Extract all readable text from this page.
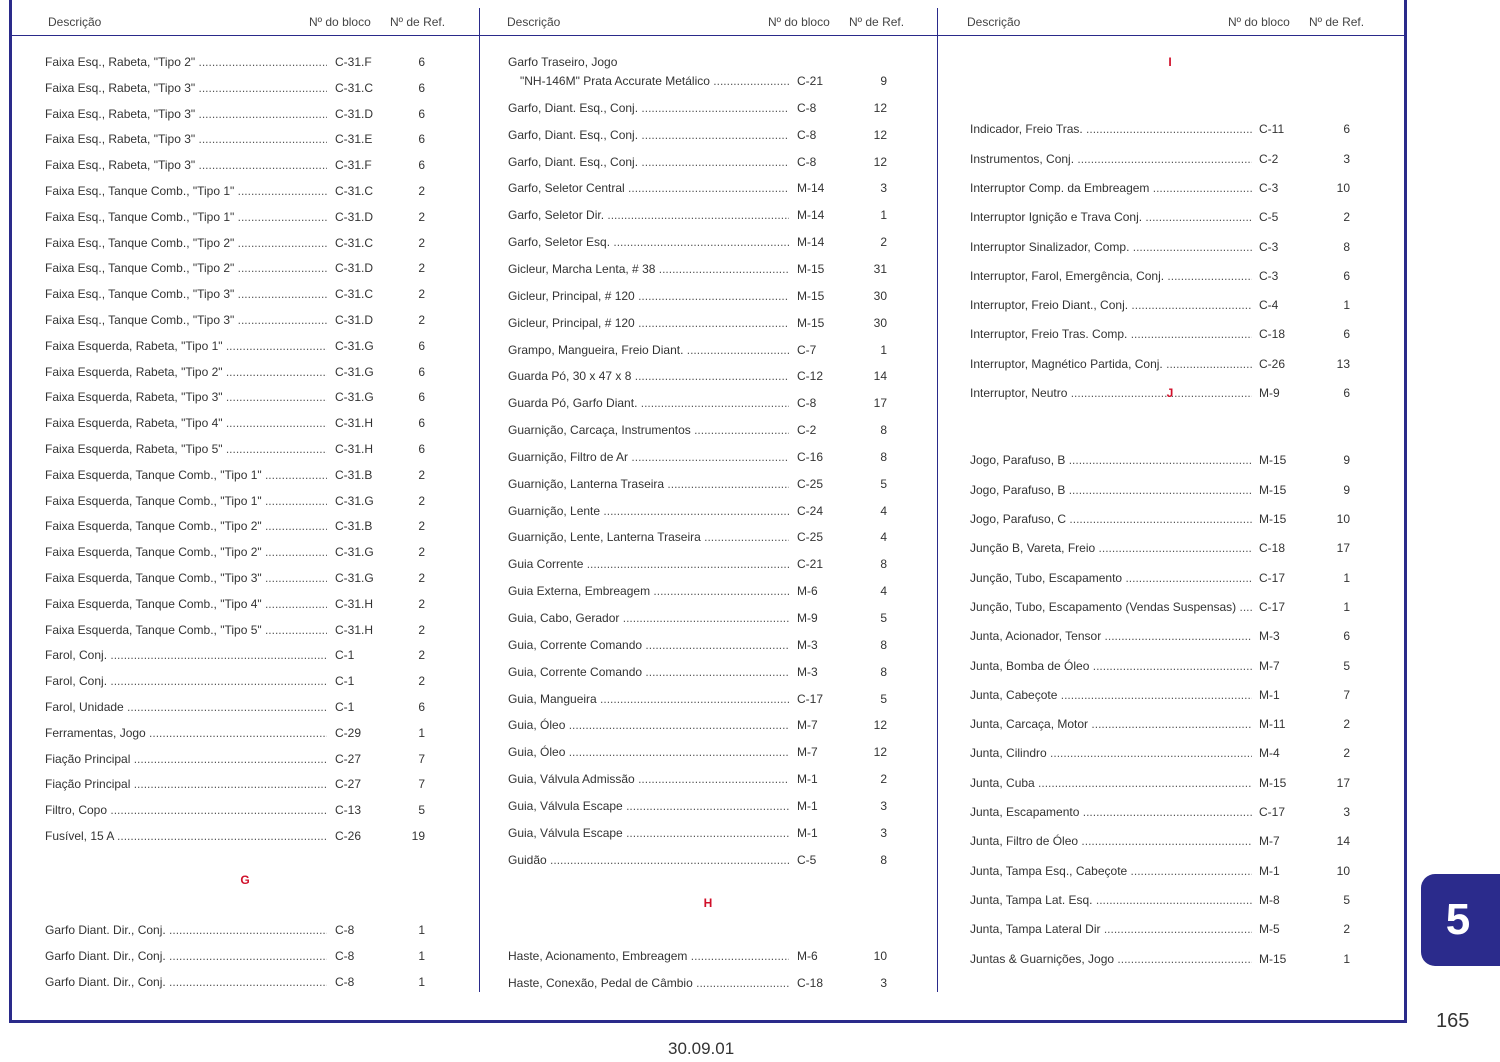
Descrição	Nº do bloco Nº de Ref.	Descrição	Nº do bloco Nº de Ref.	Descrição	Nº do bloco Nº de Ref.
Faixa Esq., Rabeta, "Tipo 2" .....	C-31.F	6
Faixa Esq., Rabeta, "Tipo 3" .....	C-31.C	6
Faixa Esq., Rabeta, "Tipo 3" .....	C-31.D	6
Faixa Esq., Rabeta, "Tipo 3" .....	C-31.E	6
Faixa Esq., Rabeta, "Tipo 3" .....	C-31.F	6
Faixa Esq., Tanque Comb., "Tipo 1" .....	C-31.C	2
Faixa Esq., Tanque Comb., "Tipo 1" .....	C-31.D	2
Faixa Esq., Tanque Comb., "Tipo 2" .....	C-31.C	2
Faixa Esq., Tanque Comb., "Tipo 2" .....	C-31.D	2
Faixa Esq., Tanque Comb., "Tipo 3" .....	C-31.C	2
Faixa Esq., Tanque Comb., "Tipo 3" .....	C-31.D	2
Faixa Esquerda, Rabeta, "Tipo 1" .....	C-31.G	6
Faixa Esquerda, Rabeta, "Tipo 2" .....	C-31.G	6
Faixa Esquerda, Rabeta, "Tipo 3" .....	C-31.G	6
Faixa Esquerda, Rabeta, "Tipo 4" .....	C-31.H	6
Faixa Esquerda, Rabeta, "Tipo 5" .....	C-31.H	6
Faixa Esquerda, Tanque Comb., "Tipo 1" .....	C-31.B	2
Faixa Esquerda, Tanque Comb., "Tipo 1" .....	C-31.G	2
Faixa Esquerda, Tanque Comb., "Tipo 2" .....	C-31.B	2
Faixa Esquerda, Tanque Comb., "Tipo 2" .....	C-31.G	2
Faixa Esquerda, Tanque Comb., "Tipo 3" .....	C-31.G	2
Faixa Esquerda, Tanque Comb., "Tipo 4" .....	C-31.H	2
Faixa Esquerda, Tanque Comb., "Tipo 5" .....	C-31.H	2
Farol, Conj. .....	C-1	2
Farol, Conj. .....	C-1	2
Farol, Unidade .....	C-1	6
Ferramentas, Jogo .....	C-29	1
Fiação Principal .....	C-27	7
Fiação Principal .....	C-27	7
Filtro, Copo .....	C-13	5
Fusível, 15 A .....	C-26	19
G
Garfo Diant. Dir., Conj. .....	C-8	1
Garfo Diant. Dir., Conj. .....	C-8	1
Garfo Diant. Dir., Conj. .....	C-8	1
Garfo Traseiro, Jogo
"NH-146M" Prata Accurate Metálico .....	C-21	9
Garfo, Diant. Esq., Conj. .....	C-8	12
Garfo, Diant. Esq., Conj. .....	C-8	12
Garfo, Diant. Esq., Conj. .....	C-8	12
Garfo, Seletor Central .....	M-14	3
Garfo, Seletor Dir. .....	M-14	1
Garfo, Seletor Esq. .....	M-14	2
Gicleur, Marcha Lenta, # 38 .....	M-15	31
Gicleur, Principal, # 120 .....	M-15	30
Gicleur, Principal, # 120 .....	M-15	30
Grampo, Mangueira, Freio Diant. .....	C-7	1
Guarda Pó, 30 x 47 x 8 .....	C-12	14
Guarda Pó, Garfo Diant. .....	C-8	17
Guarnição, Carcaça, Instrumentos .....	C-2	8
Guarnição, Filtro de Ar .....	C-16	8
Guarnição, Lanterna Traseira .....	C-25	5
Guarnição, Lente .....	C-24	4
Guarnição, Lente, Lanterna Traseira .....	C-25	4
Guia Corrente .....	C-21	8
Guia Externa, Embreagem .....	M-6	4
Guia, Cabo, Gerador .....	M-9	5
Guia, Corrente Comando .....	M-3	8
Guia, Corrente Comando .....	M-3	8
Guia, Mangueira .....	C-17	5
Guia, Óleo .....	M-7	12
Guia, Óleo .....	M-7	12
Guia, Válvula Admissão .....	M-1	2
Guia, Válvula Escape .....	M-1	3
Guia, Válvula Escape .....	M-1	3
Guidão .....	C-5	8
H
Haste, Acionamento, Embreagem .....	M-6	10
Haste, Conexão, Pedal de Câmbio .....	C-18	3
I
Indicador, Freio Tras. .....	C-11	6
Instrumentos, Conj. .....	C-2	3
Interruptor Comp. da Embreagem .....	C-3	10
Interruptor Ignição e Trava Conj. .....	C-5	2
Interruptor Sinalizador, Comp. .....	C-3	8
Interruptor, Farol, Emergência, Conj. .....	C-3	6
Interruptor, Freio Diant., Conj. .....	C-4	1
Interruptor, Freio Tras. Comp. .....	C-18	6
Interruptor, Magnético Partida, Conj. .....	C-26	13
Interruptor, Neutro .....	M-9	6
J
Jogo, Parafuso, B .....	M-15	9
Jogo, Parafuso, B .....	M-15	9
Jogo, Parafuso, C .....	M-15	10
Junção B, Vareta, Freio .....	C-18	17
Junção, Tubo, Escapamento .....	C-17	1
Junção, Tubo, Escapamento (Vendas Suspensas) .....	C-17	1
Junta, Acionador, Tensor .....	M-3	6
Junta, Bomba de Óleo .....	M-7	5
Junta, Cabeçote .....	M-1	7
Junta, Carcaça, Motor .....	M-11	2
Junta, Cilindro .....	M-4	2
Junta, Cuba .....	M-15	17
Junta, Escapamento .....	C-17	3
Junta, Filtro de Óleo .....	M-7	14
Junta, Tampa Esq., Cabeçote .....	M-1	10
Junta, Tampa Lat. Esq. .....	M-8	5
Junta, Tampa Lateral Dir .....	M-5	2
Juntas & Guarnições, Jogo .....	M-15	1
5
165
30.09.01
